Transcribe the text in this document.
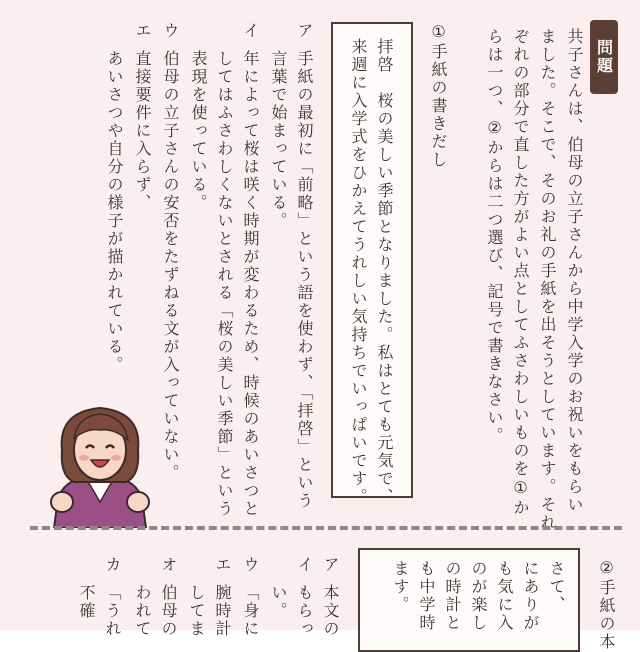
問題
共子さんは、伯母の立子さんから中学入学のお祝いをもらい
ました。そこで、そのお礼の手紙を出そうとしています。それ
ぞれの部分で直した方がよい点としてふさわしいものを①か
らは一つ、②からは二つ選び、記号で書きなさい。
①手紙の書きだし
拝啓　桜の美しい季節となりました。私はとても元気で、
来週に入学式をひかえてうれしい気持ちでいっぱいです。
ア
手紙の最初に「前略」という語を使わず、「拝啓」という
言葉で始まっている。
イ
年によって桜は咲く時期が変わるため、時候のあいさつと
してはふさわしくないとされる「桜の美しい季節」という
表現を使っている。
ウ
伯母の立子さんの安否をたずねる文が入っていない。
エ
直接要件に入らず、
あいさつや自分の様子が描かれている。
②手紙の本
さて、
にありが
も気に入
のが楽し
の時計と
も中学時
ます。
ア
本文の
もらっ
い。
イ
ウ
「身に
エ
腕時計
してま
オ
伯母の
われて
カ
「うれ
不確
